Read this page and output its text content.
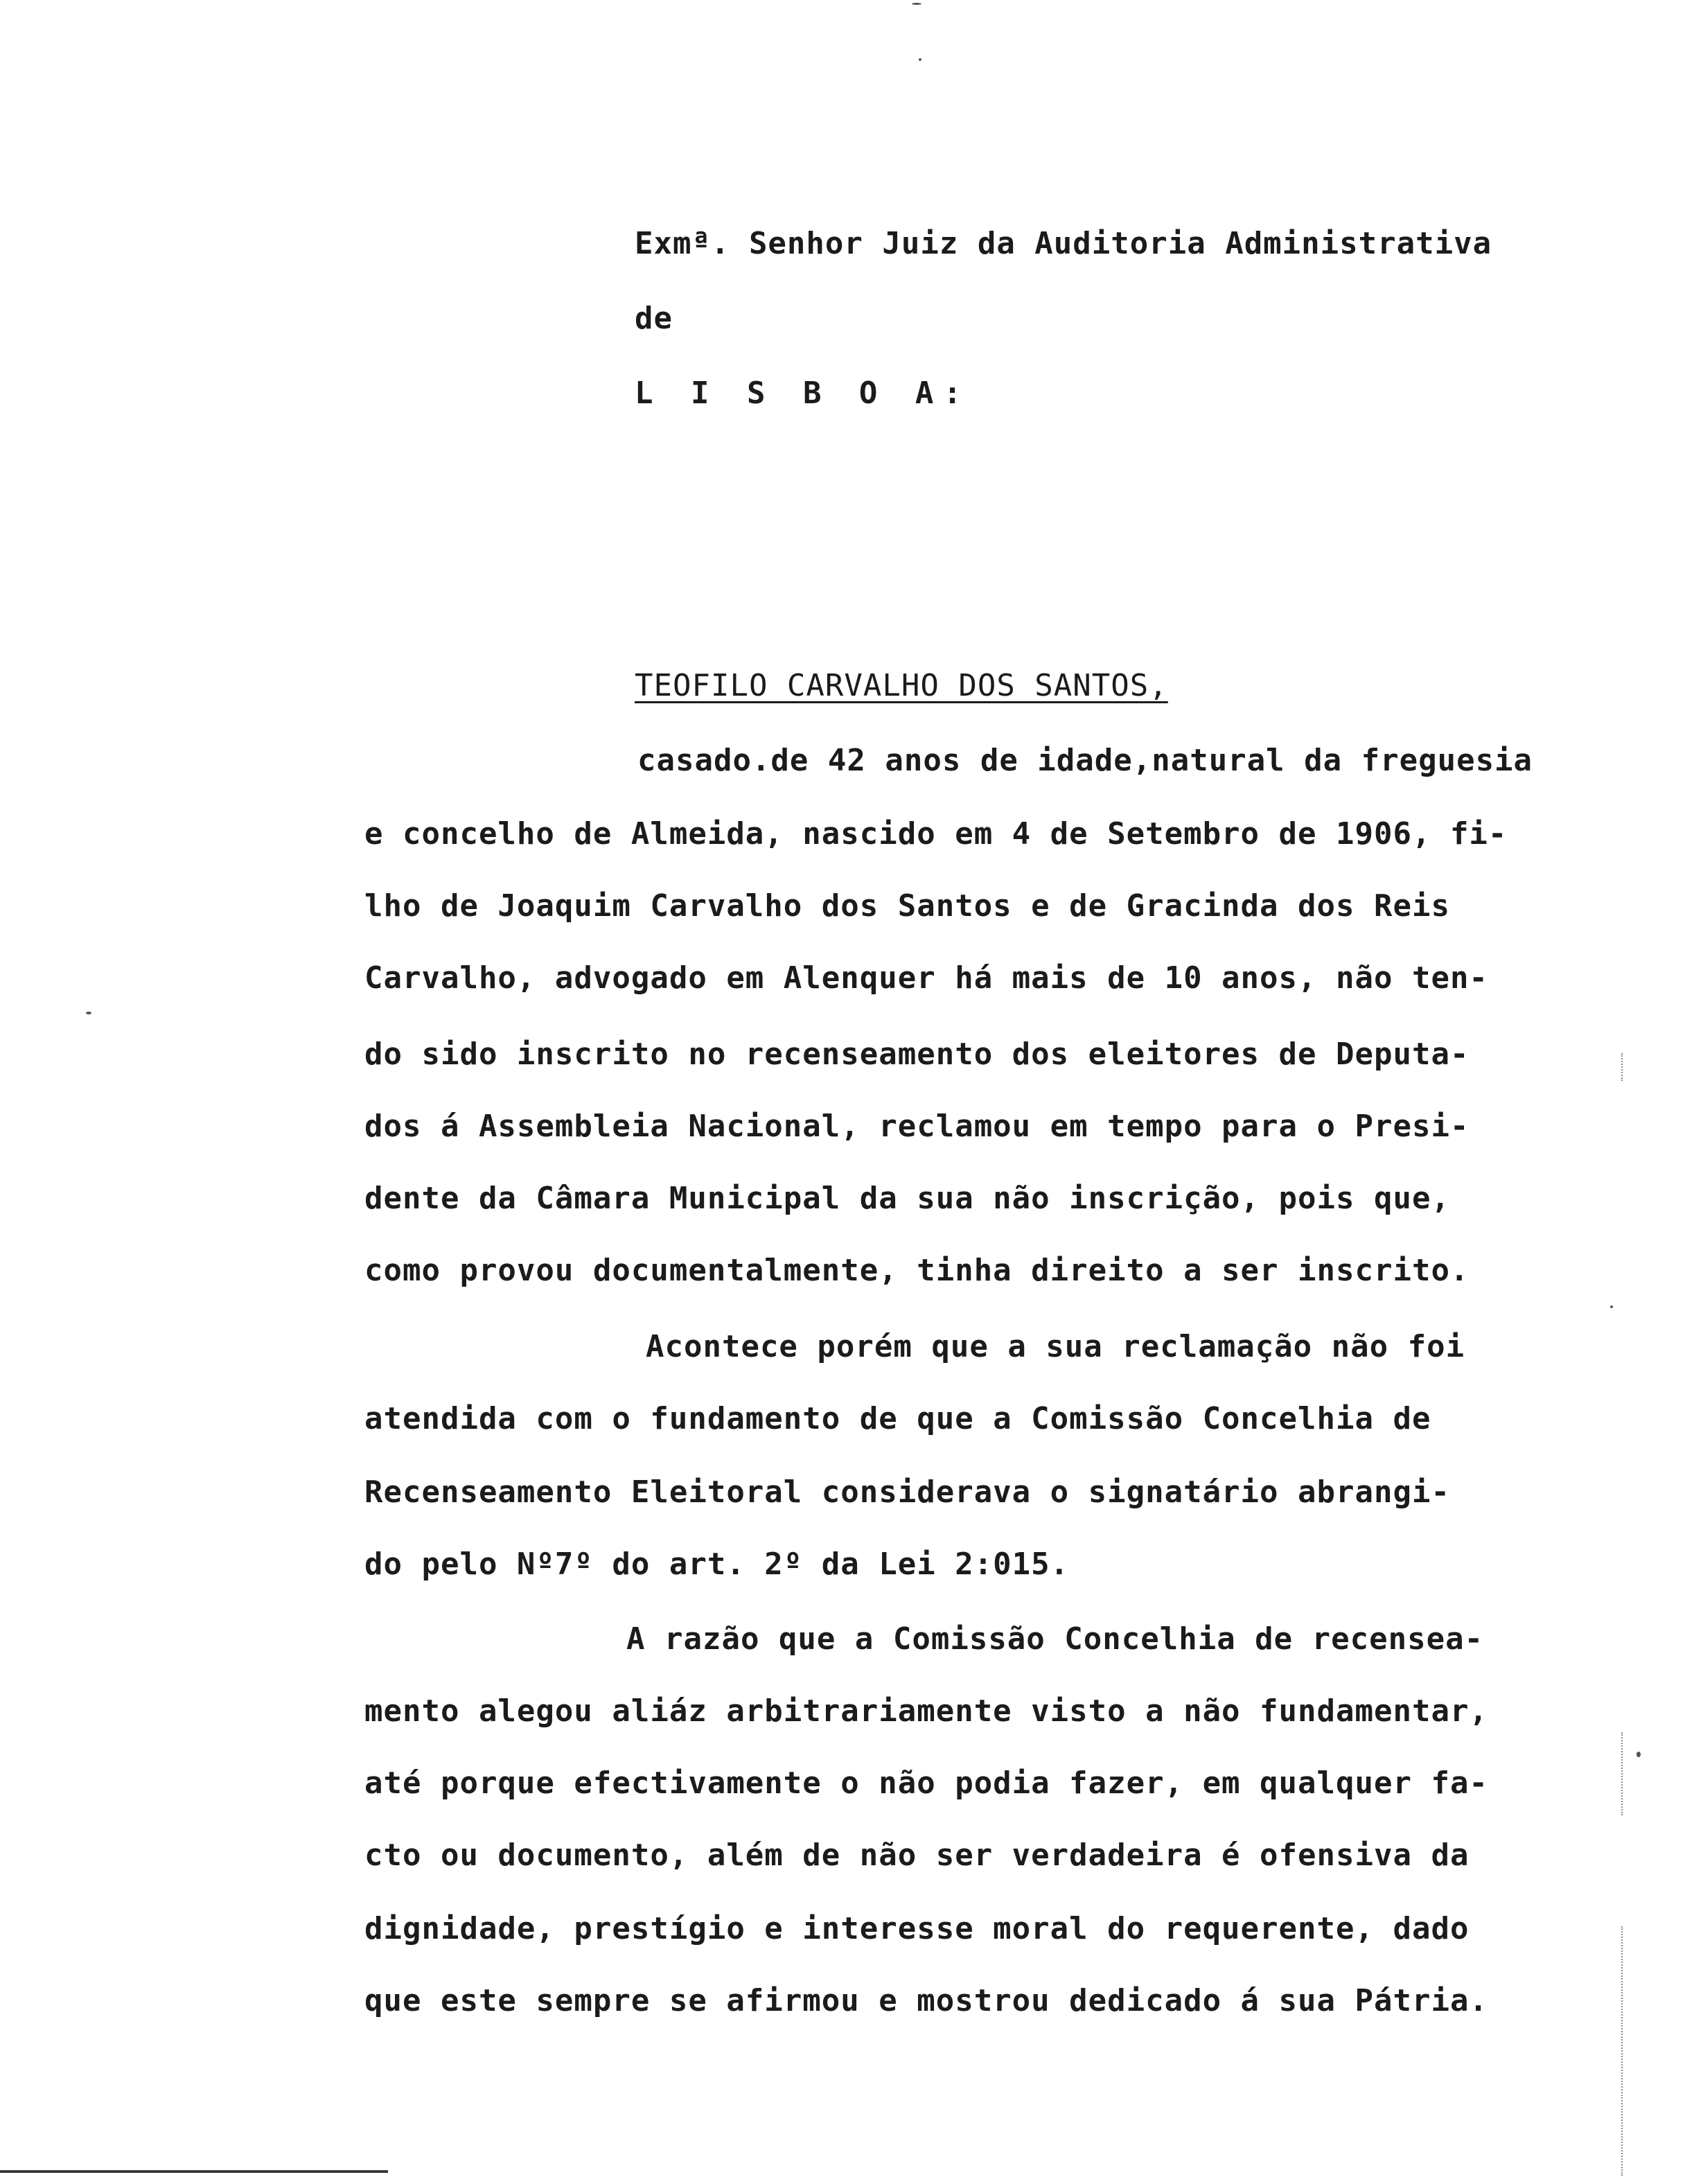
Exmª. Senhor Juiz da Auditoria Administrativa
de
L I S B O A:
TEOFILO CARVALHO DOS SANTOS,
casado.de 42 anos de idade,natural da freguesia
e concelho de Almeida, nascido em 4 de Setembro de 1906, fi-
lho de Joaquim Carvalho dos Santos e de Gracinda dos Reis
Carvalho, advogado em Alenquer há mais de 10 anos, não ten-
do sido inscrito no recenseamento dos eleitores de Deputa-
dos á Assembleia Nacional, reclamou em tempo para o Presi-
dente da Câmara Municipal da sua não inscrição, pois que,
como provou documentalmente, tinha direito a ser inscrito.
Acontece porém que a sua reclamação não foi
atendida com o fundamento de que a Comissão Concelhia de
Recenseamento Eleitoral considerava o signatário abrangi-
do pelo Nº7º do art. 2º da Lei 2:015.
A razão que a Comissão Concelhia de recensea-
mento alegou aliáz arbitrariamente visto a não fundamentar,
até porque efectivamente o não podia fazer, em qualquer fa-
cto ou documento, além de não ser verdadeira é ofensiva da
dignidade, prestígio e interesse moral do requerente, dado
que este sempre se afirmou e mostrou dedicado á sua Pátria.
